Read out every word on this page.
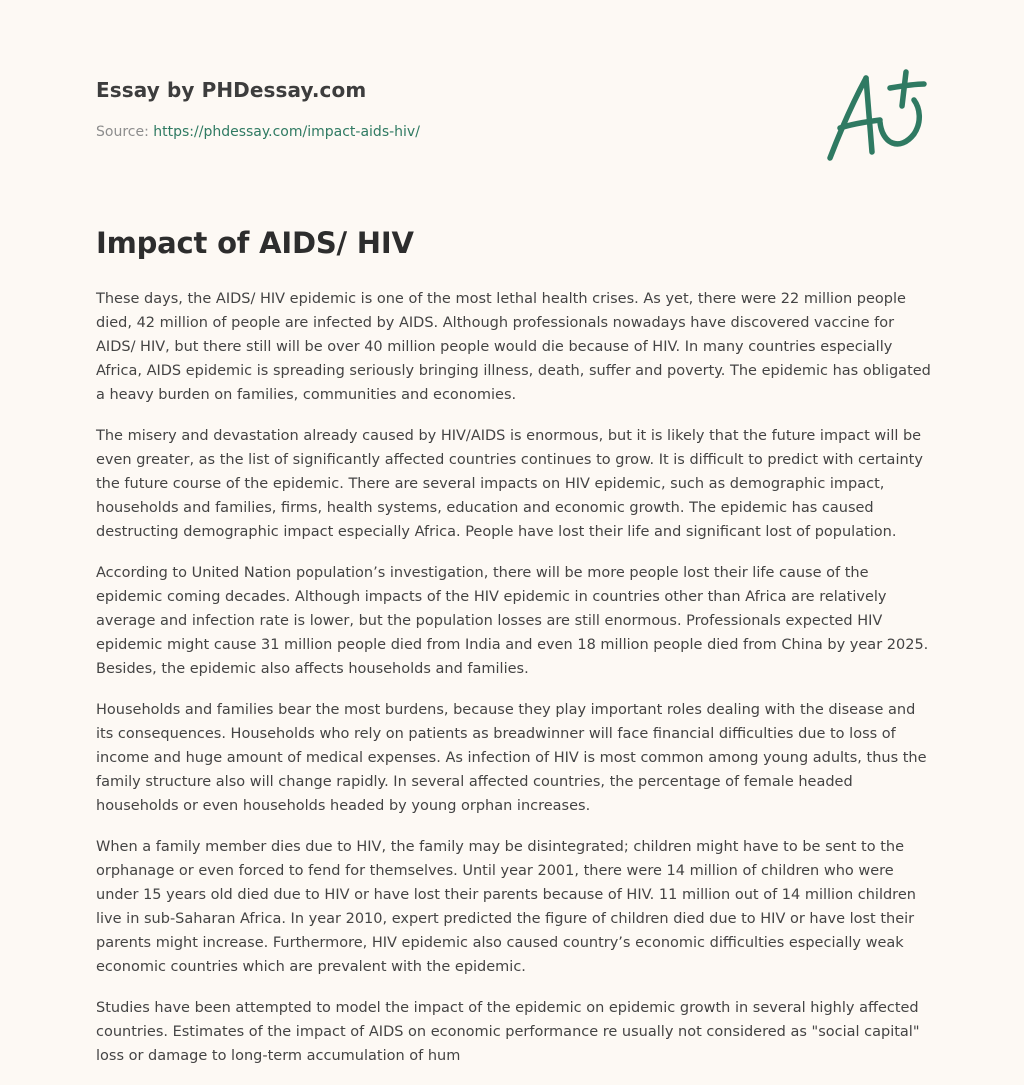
Essay by PHDessay.com
Source: https://phdessay.com/impact-aids-hiv/
Impact of AIDS/ HIV

These days, the AIDS/ HIV epidemic is one of the most lethal health crises. As yet, there were 22 million people died, 42 million of people are infected by AIDS. Although professionals nowadays have discovered vaccine for AIDS/ HIV, but there still will be over 40 million people would die because of HIV. In many countries especially Africa, AIDS epidemic is spreading seriously bringing illness, death, suffer and poverty. The epidemic has obligated a heavy burden on families, communities and economies.

The misery and devastation already caused by HIV/AIDS is enormous, but it is likely that the future impact will be even greater, as the list of significantly affected countries continues to grow. It is difficult to predict with certainty the future course of the epidemic. There are several impacts on HIV epidemic, such as demographic impact, households and families, firms, health systems, education and economic growth. The epidemic has caused destructing demographic impact especially Africa. People have lost their life and significant lost of population.

According to United Nation population’s investigation, there will be more people lost their life cause of the epidemic coming decades. Although impacts of the HIV epidemic in countries other than Africa are relatively average and infection rate is lower, but the population losses are still enormous. Professionals expected HIV epidemic might cause 31 million people died from India and even 18 million people died from China by year 2025. Besides, the epidemic also affects households and families.

Households and families bear the most burdens, because they play important roles dealing with the disease and its consequences. Households who rely on patients as breadwinner will face financial difficulties due to loss of income and huge amount of medical expenses. As infection of HIV is most common among young adults, thus the family structure also will change rapidly. In several affected countries, the percentage of female headed households or even households headed by young orphan increases.

When a family member dies due to HIV, the family may be disintegrated; children might have to be sent to the orphanage or even forced to fend for themselves. Until year 2001, there were 14 million of children who were under 15 years old died due to HIV or have lost their parents because of HIV. 11 million out of 14 million children live in sub-Saharan Africa. In year 2010, expert predicted the figure of children died due to HIV or have lost their parents might increase. Furthermore, HIV epidemic also caused country’s economic difficulties especially weak economic countries which are prevalent with the epidemic.

Studies have been attempted to model the impact of the epidemic on epidemic growth in several highly affected countries. Estimates of the impact of AIDS on economic performance re usually not considered as "social capital" loss or damage to long-term accumulation of hum
